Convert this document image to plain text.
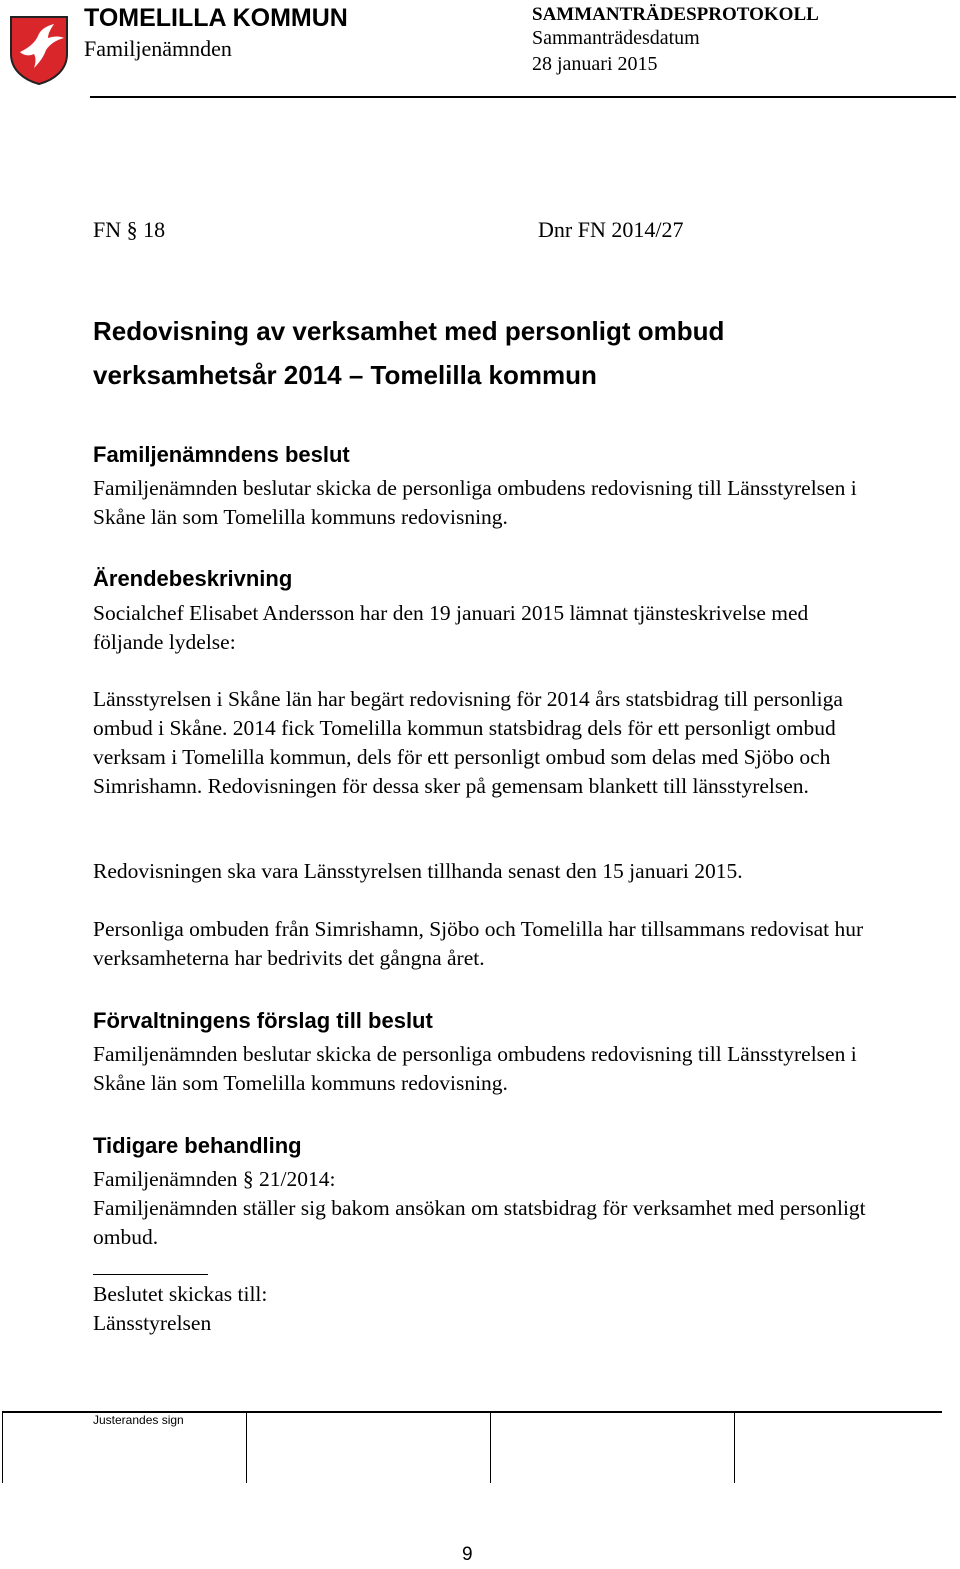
TOMELILLA KOMMUN
Familjenämnden
SAMMANTRÄDESPROTOKOLL
Sammanträdesdatum
28 januari 2015
FN § 18	Dnr FN 2014/27
Redovisning av verksamhet med personligt ombud verksamhetsår 2014 – Tomelilla kommun
Familjenämndens beslut
Familjenämnden beslutar skicka de personliga ombudens redovisning till Länsstyrelsen i Skåne län som Tomelilla kommuns redovisning.
Ärendebeskrivning
Socialchef Elisabet Andersson har den 19 januari 2015 lämnat tjänsteskrivelse med följande lydelse:
Länsstyrelsen i Skåne län har begärt redovisning för 2014 års statsbidrag till personliga ombud i Skåne. 2014 fick Tomelilla kommun statsbidrag dels för ett personligt ombud verksam i Tomelilla kommun, dels för ett personligt ombud som delas med Sjöbo och Simrishamn. Redovisningen för dessa sker på gemensam blankett till länsstyrelsen.
Redovisningen ska vara Länsstyrelsen tillhanda senast den 15 januari 2015.
Personliga ombuden från Simrishamn, Sjöbo och Tomelilla har tillsammans redovisat hur verksamheterna har bedrivits det gångna året.
Förvaltningens förslag till beslut
Familjenämnden beslutar skicka de personliga ombudens redovisning till Länsstyrelsen i Skåne län som Tomelilla kommuns redovisning.
Tidigare behandling

Familjenämnden § 21/2014:

Familjenämnden ställer sig bakom ansökan om statsbidrag för verksamhet med personligt ombud.

Beslutet skickas till:

Länsstyrelsen

Justerandes sign
9
